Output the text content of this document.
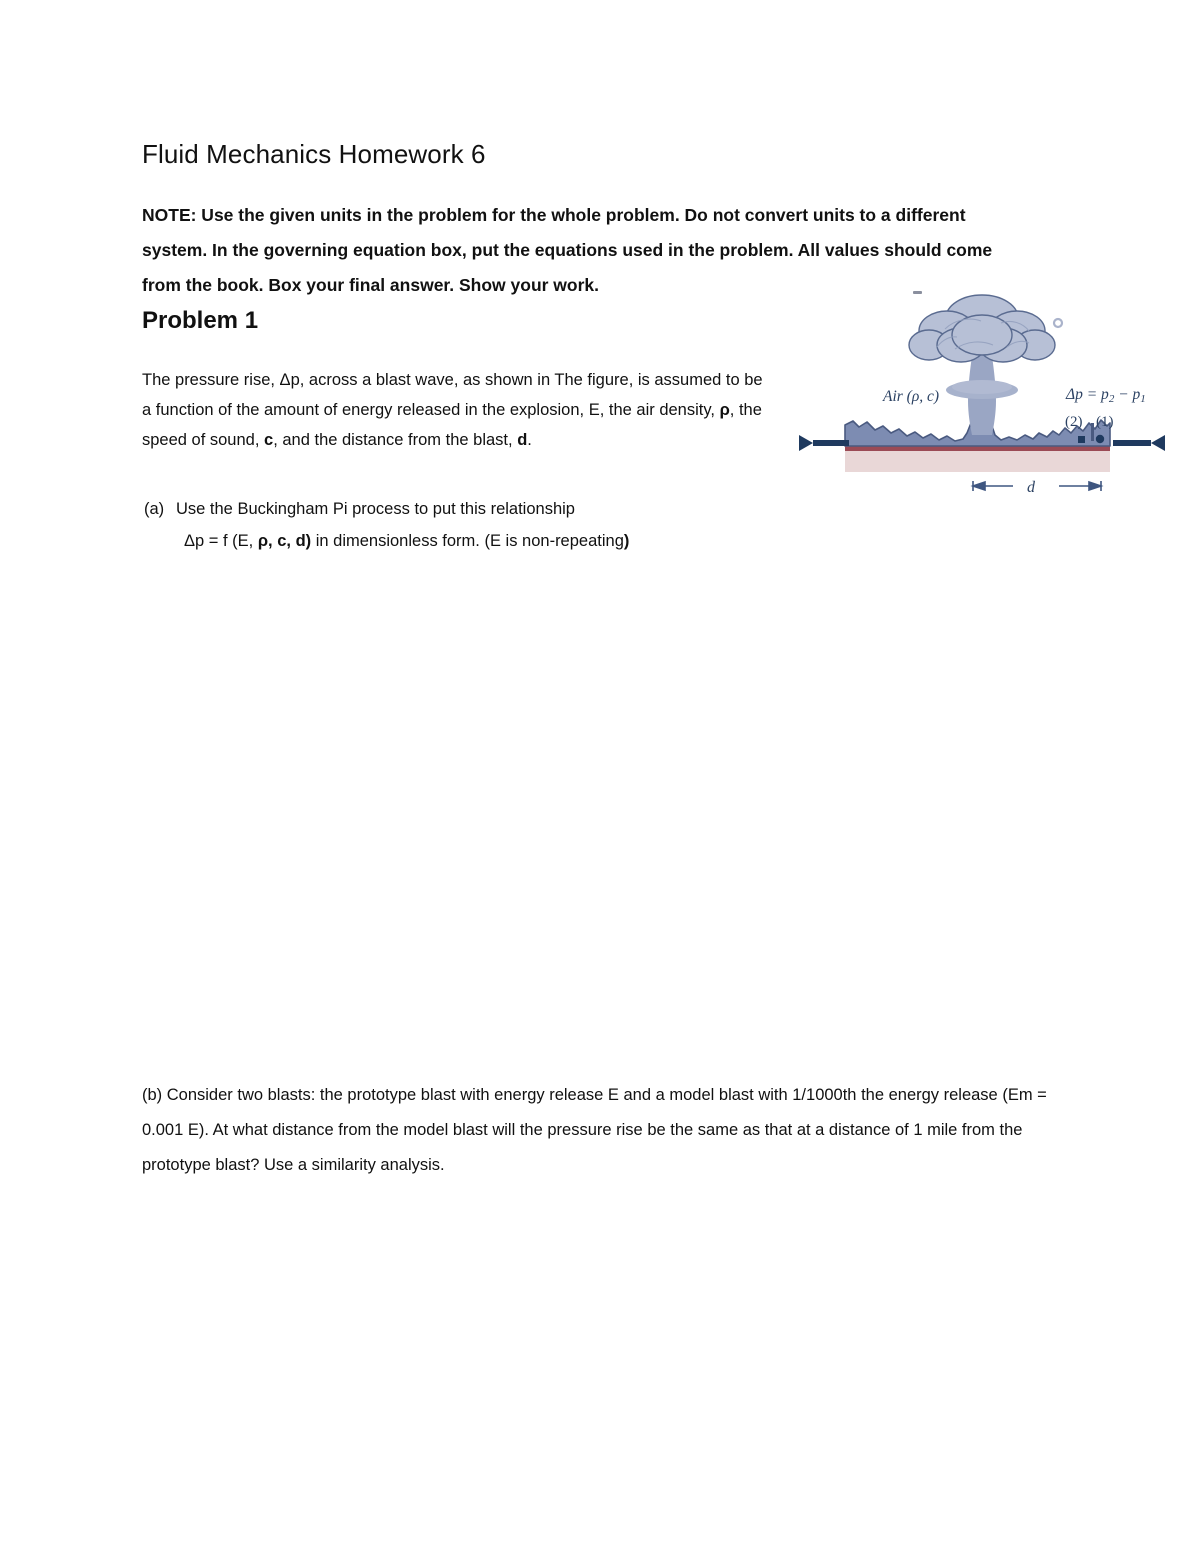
Fluid Mechanics Homework 6
NOTE: Use the given units in the problem for the whole problem. Do not convert units to a different system. In the governing equation box, put the equations used in the problem. All values should come from the book. Box your final answer. Show your work.
Problem 1
The pressure rise, Δp, across a blast wave, as shown in The figure, is assumed to be a function of the amount of energy released in the explosion, E, the air density, ρ, the speed of sound, c, and the distance from the blast, d.
(a) Use the Buckingham Pi process to put this relationship
Δp = f (E, ρ, c, d) in dimensionless form. (E is non-repeating)
(b) Consider two blasts: the prototype blast with energy release E and a model blast with 1/1000th the energy release (Em = 0.001 E). At what distance from the model blast will the pressure rise be the same as that at a distance of 1 mile from the prototype blast? Use a similarity analysis.
Air (ρ, c)	Δp = p2 − p1
(2) (1)
d
